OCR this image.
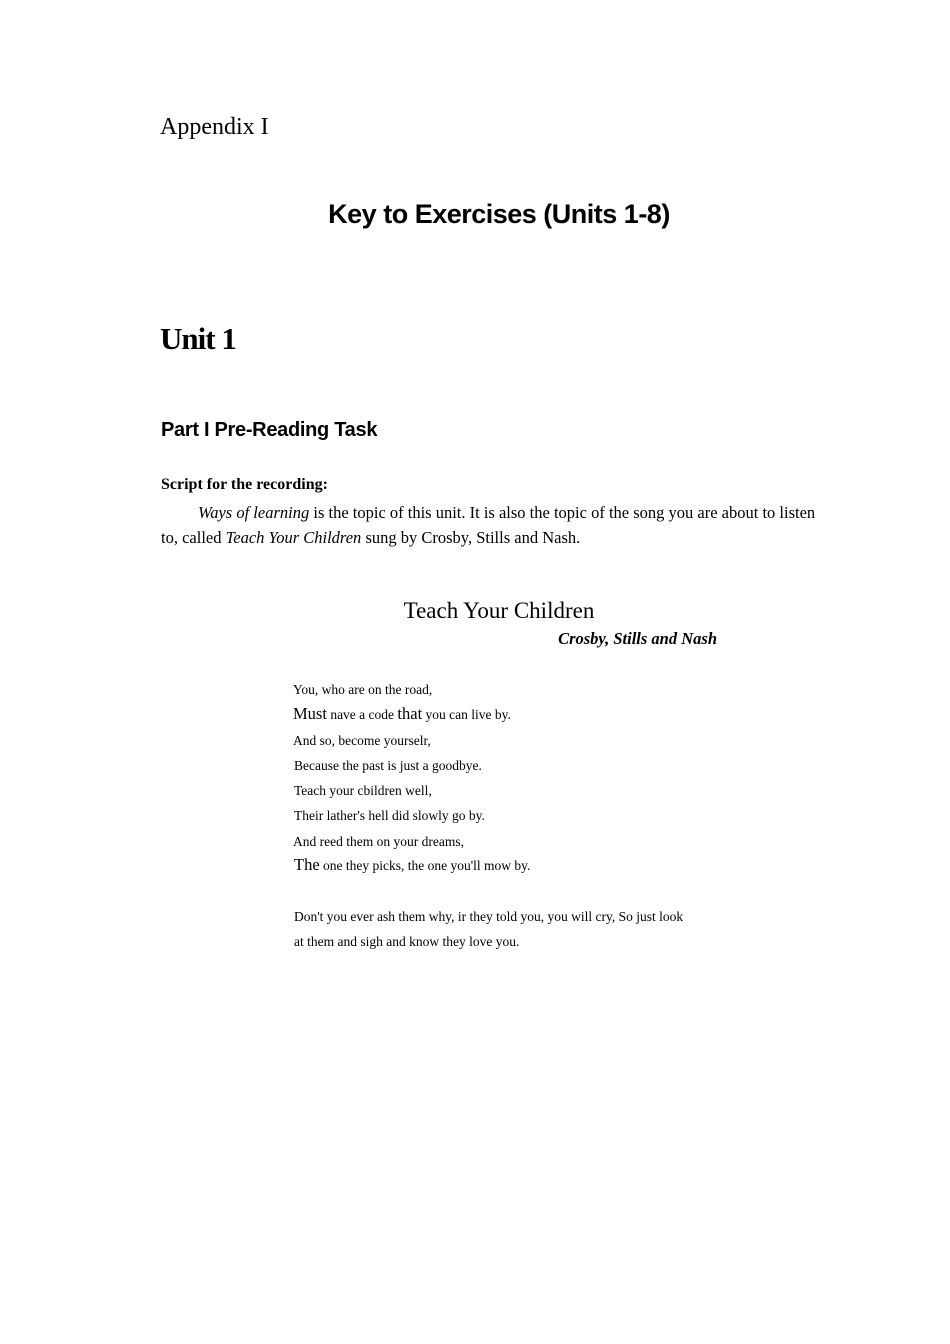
Appendix I
Key to Exercises (Units 1-8)
Unit 1
Part I Pre-Reading Task
Script for the recording:
Ways of learning is the topic of this unit. It is also the topic of the song you are about to listen to, called Teach Your Children sung by Crosby, Stills and Nash.
Teach Your Children
Crosby, Stills and Nash
You, who are on the road,
Must nave a code that you can live by.
And so, become yourselr,
Because the past is just a goodbye.
Teach your cbildren well,
Their lather's hell did slowly go by.
And reed them on your dreams,
The one they picks, the one you'll mow by.
Don't you ever ash them why, ir they told you, you will cry, So just look
at them and sigh and know they love you.
